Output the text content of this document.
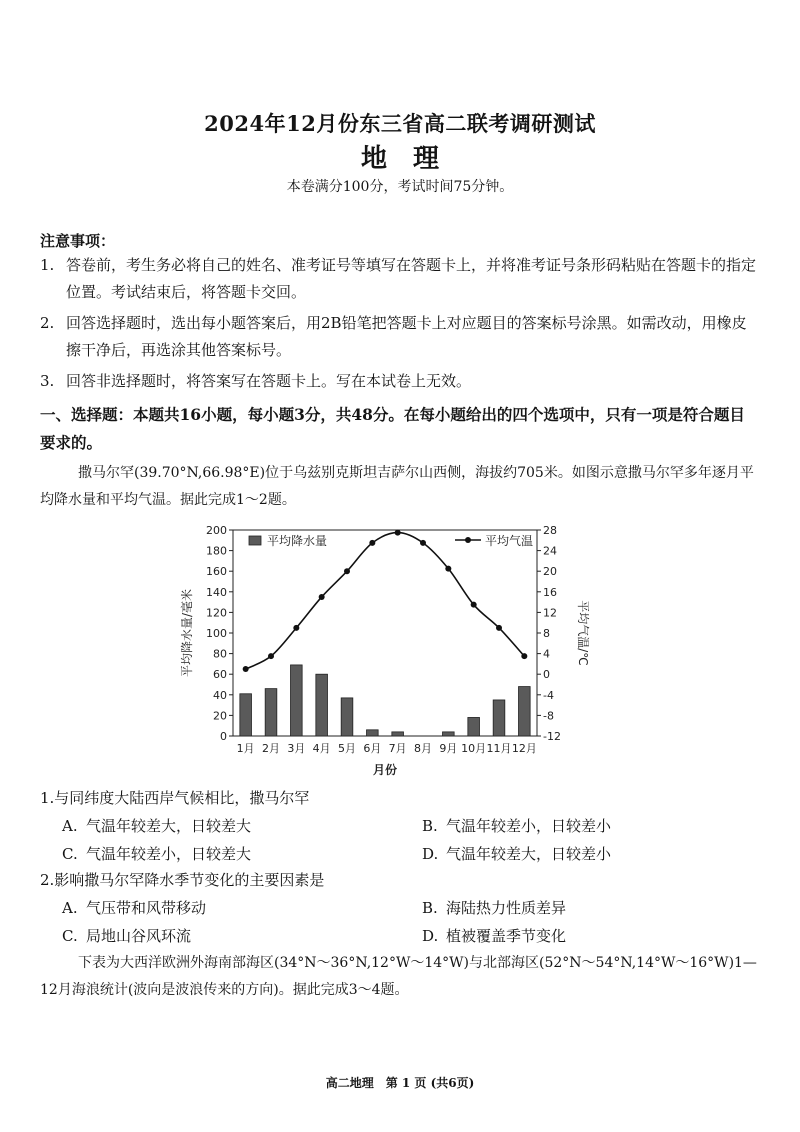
2024年12月份东三省高二联考调研测试
地理
本卷满分100分，考试时间75分钟。
注意事项：
1. 答卷前，考生务必将自己的姓名、准考证号等填写在答题卡上，并将准考证号条形码粘贴在答题卡的指定位置。考试结束后，将答题卡交回。
2. 回答选择题时，选出每小题答案后，用2B铅笔把答题卡上对应题目的答案标号涂黑。如需改动，用橡皮擦干净后，再选涂其他答案标号。
3. 回答非选择题时，将答案写在答题卡上。写在本试卷上无效。
一、选择题：本题共16小题，每小题3分，共48分。在每小题给出的四个选项中，只有一项是符合题目要求的。
撒马尔罕(39.70°N,66.98°E)位于乌兹别克斯坦吉萨尔山西侧，海拔约705米。如图示意撒马尔罕多年逐月平均降水量和平均气温。据此完成1～2题。
0
20
40
60
80
100
120
140
160
180
200
-12
-8
-4
0
4
8
12
16
20
24
28
1月 2月 3月 4月 5月 6月 7月 8月 9月 10月 11月 12月
月份
平均降水量/毫米	平均气温/℃
平均降水量	平均气温
1.与同纬度大陆西岸气候相比，撒马尔罕
A. 气温年较差大，日较差大	B. 气温年较差小，日较差小
C. 气温年较差小，日较差大	D. 气温年较差大，日较差小
2.影响撒马尔罕降水季节变化的主要因素是
A. 气压带和风带移动	B. 海陆热力性质差异
C. 局地山谷风环流	D. 植被覆盖季节变化
下表为大西洋欧洲外海南部海区(34°N～36°N,12°W～14°W)与北部海区(52°N～54°N,14°W～16°W)1—12月海浪统计(波向是波浪传来的方向)。据此完成3～4题。
高二地理　第 1 页 (共6页)
